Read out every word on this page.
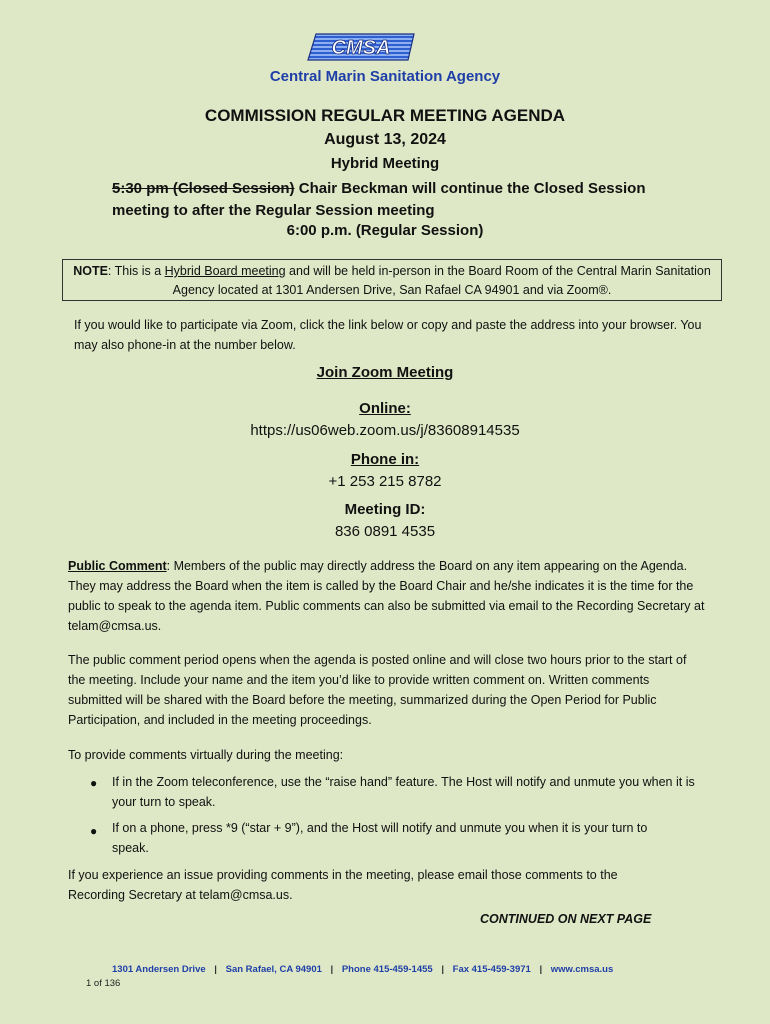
CMSA
Central Marin Sanitation Agency
COMMISSION REGULAR MEETING AGENDA
August 13, 2024
Hybrid Meeting
5:30 pm (Closed Session) Chair Beckman will continue the Closed Session meeting to after the Regular Session meeting
6:00 p.m. (Regular Session)
NOTE: This is a Hybrid Board meeting and will be held in-person in the Board Room of the Central Marin Sanitation Agency located at 1301 Andersen Drive, San Rafael CA 94901 and via Zoom®.
If you would like to participate via Zoom, click the link below or copy and paste the address into your browser. You may also phone-in at the number below.
Join Zoom Meeting
Online:
https://us06web.zoom.us/j/83608914535
Phone in:
+1 253 215 8782
Meeting ID:
836 0891 4535
Public Comment: Members of the public may directly address the Board on any item appearing on the Agenda. They may address the Board when the item is called by the Board Chair and he/she indicates it is the time for the public to speak to the agenda item. Public comments can also be submitted via email to the Recording Secretary at telam@cmsa.us.
The public comment period opens when the agenda is posted online and will close two hours prior to the start of the meeting. Include your name and the item you’d like to provide written comment on. Written comments submitted will be shared with the Board before the meeting, summarized during the Open Period for Public Participation, and included in the meeting proceedings.
To provide comments virtually during the meeting:
● If in the Zoom teleconference, use the “raise hand” feature. The Host will notify and unmute you when it is your turn to speak.
● If on a phone, press *9 (“star + 9”), and the Host will notify and unmute you when it is your turn to speak.
If you experience an issue providing comments in the meeting, please email those comments to the Recording Secretary at telam@cmsa.us.
CONTINUED ON NEXT PAGE
1301 Andersen Drive | San Rafael, CA 94901 | Phone 415-459-1455 | Fax 415-459-3971 | www.cmsa.us
1 of 136
